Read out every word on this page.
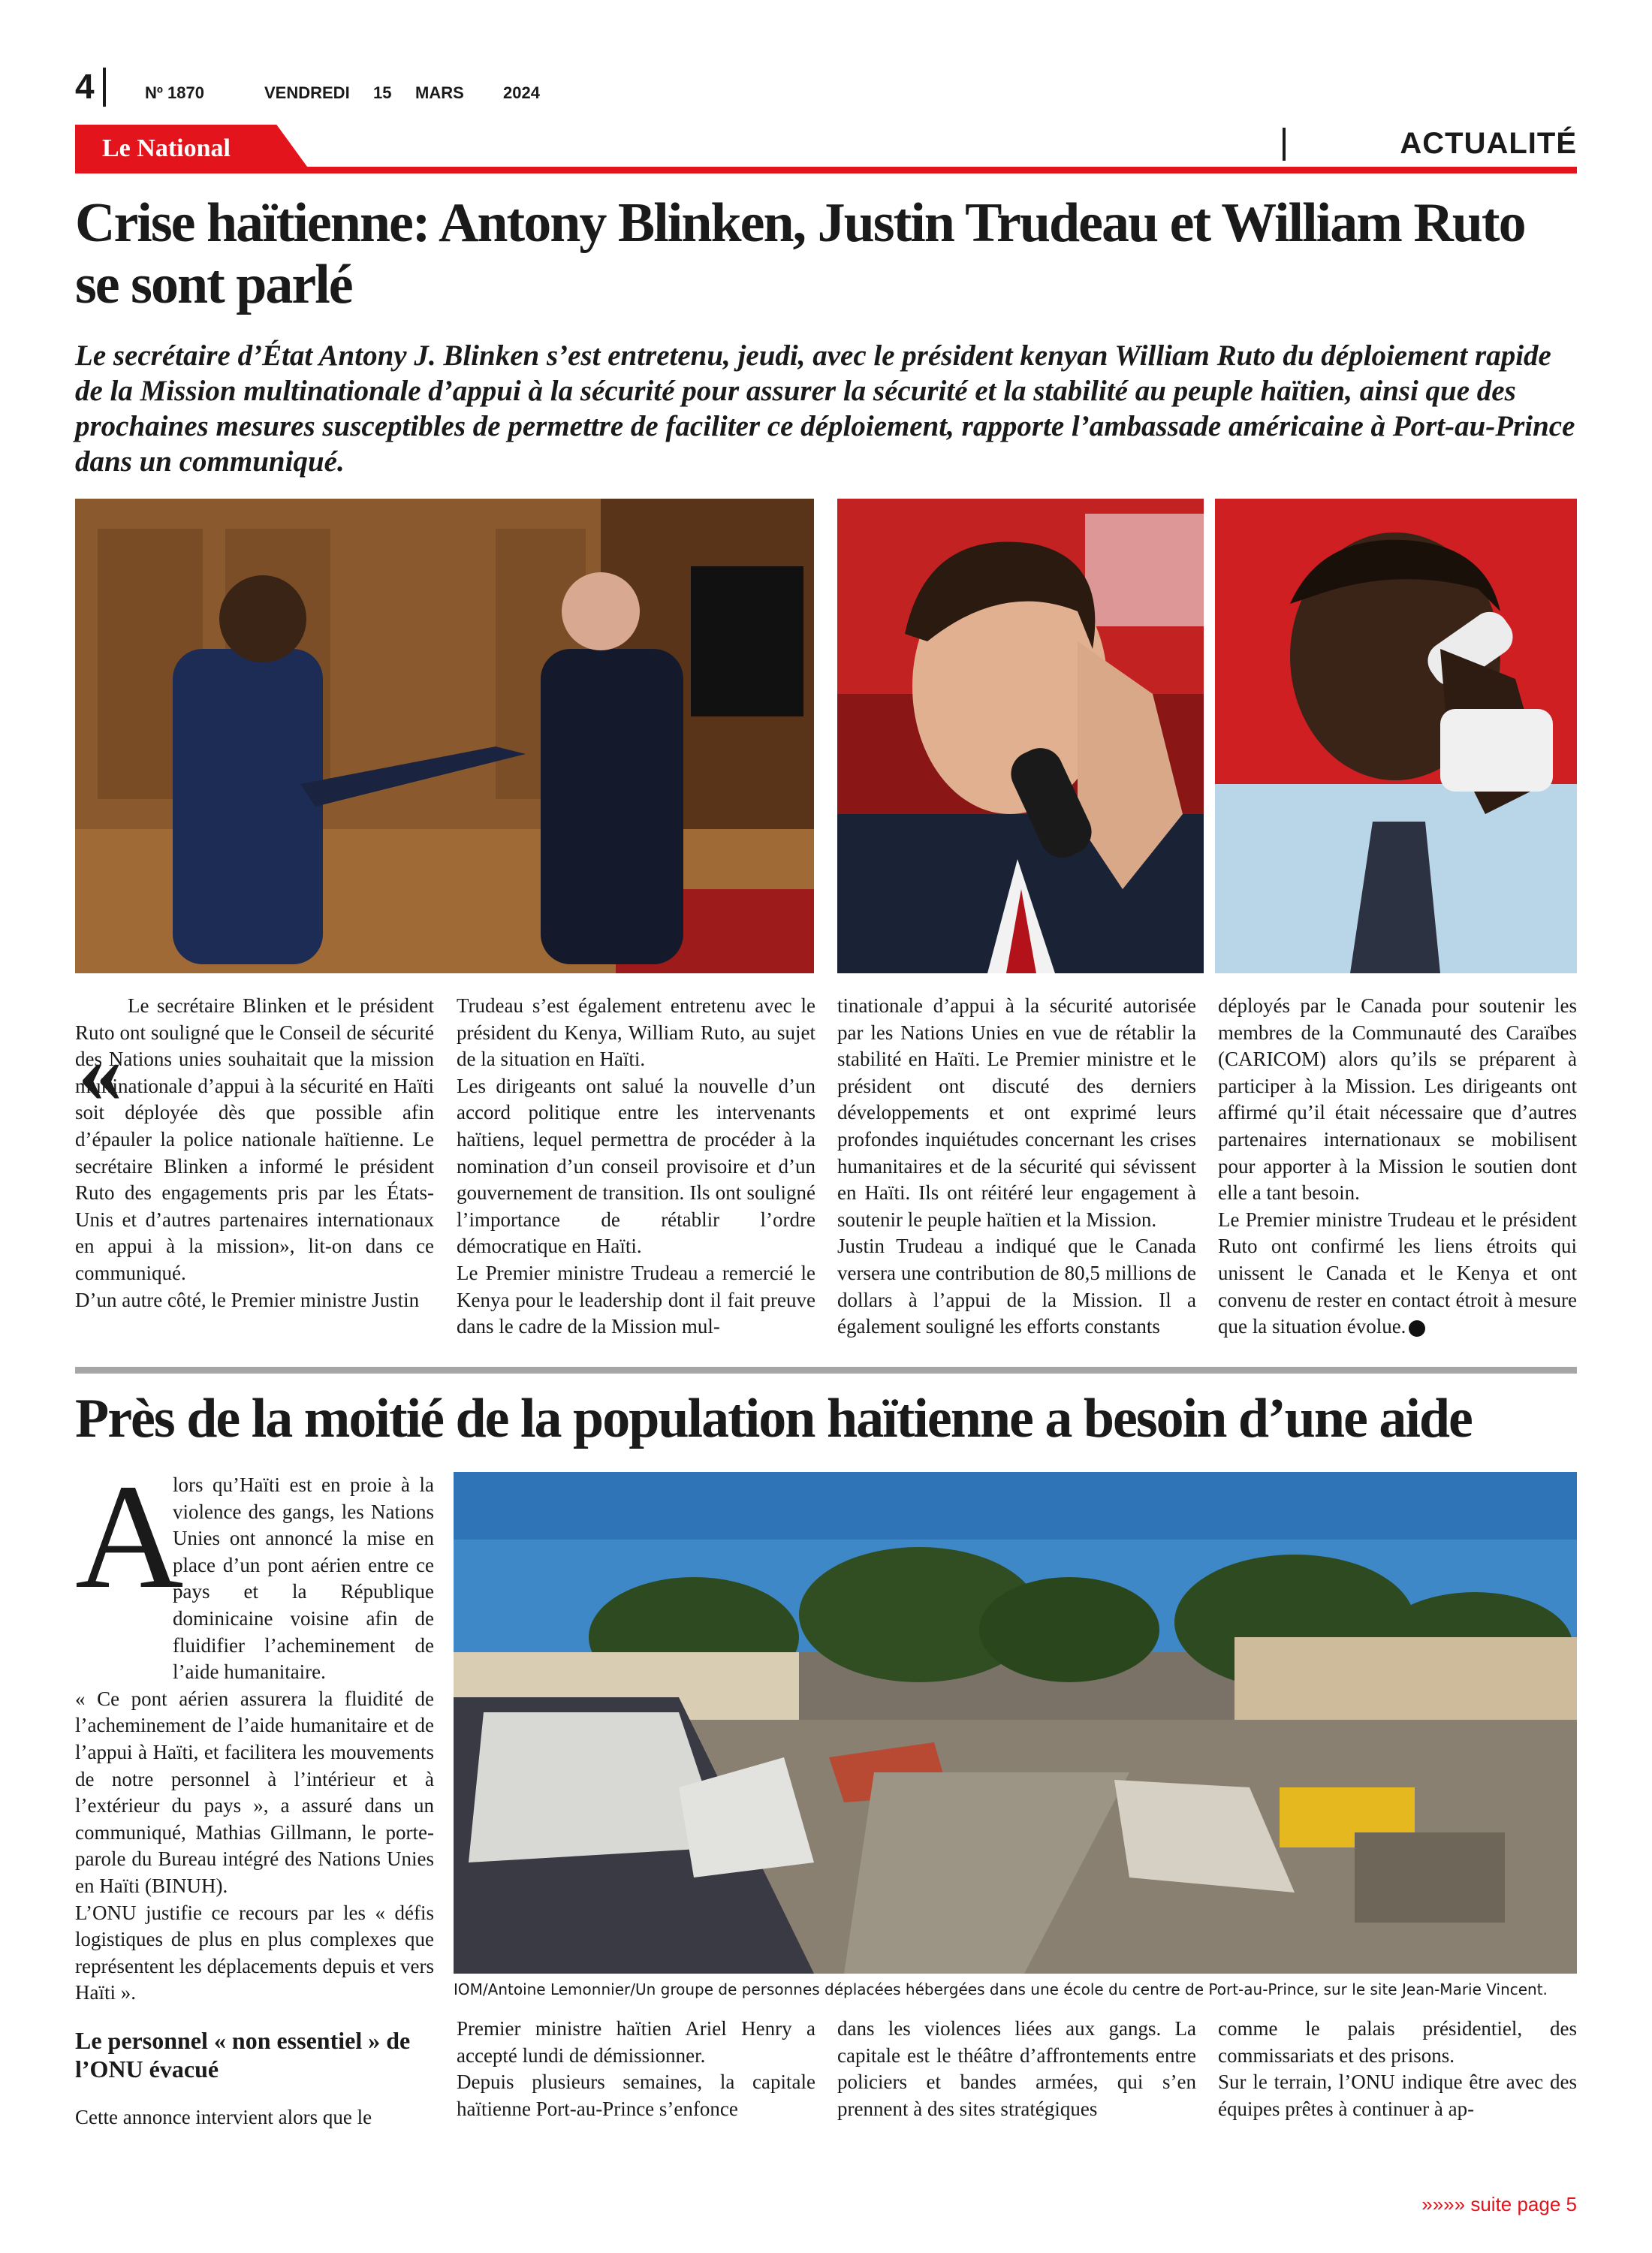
4	Nº 1870	VENDREDI 15 MARS 2024
Le National	ACTUALITÉ
Crise haïtienne: Antony Blinken, Justin Trudeau et William Ruto se sont parlé
Le secrétaire d’État Antony J. Blinken s’est entretenu, jeudi, avec le président kenyan William Ruto du déploiement rapide de la Mission multinationale d’appui à la sécurité pour assurer la sécurité et la stabilité au peuple haïtien, ainsi que des prochaines mesures susceptibles de permettre de faciliter ce déploiement, rapporte l’ambassade américaine à Port-au-Prince dans un communiqué.
«

Le secrétaire Blinken et le président Ruto ont souligné que le Conseil de sécurité des Nations unies souhaitait que la mission multinationale d’appui à la sécurité en Haïti soit déployée dès que possible afin d’épauler la police nationale haïtienne. Le secrétaire Blinken a informé le président Ruto des engagements pris par les États-Unis et d’autres partenaires internationaux en appui à la mission», lit-on dans ce communiqué.

D’un autre côté, le Premier ministre Justin

Trudeau s’est également entretenu avec le président du Kenya, William Ruto, au sujet de la situation en Haïti.

Les dirigeants ont salué la nouvelle d’un accord politique entre les intervenants haïtiens, lequel permettra de procéder à la nomination d’un conseil provisoire et d’un gouvernement de transition. Ils ont souligné l’importance de rétablir l’ordre démocratique en Haïti.

Le Premier ministre Trudeau a remercié le Kenya pour le leadership dont il fait preuve dans le cadre de la Mission mul-

tinationale d’appui à la sécurité autorisée par les Nations Unies en vue de rétablir la stabilité en Haïti. Le Premier ministre et le président ont discuté des derniers développements et ont exprimé leurs profondes inquiétudes concernant les crises humanitaires et de la sécurité qui sévissent en Haïti. Ils ont réitéré leur engagement à soutenir le peuple haïtien et la Mission.

Justin Trudeau a indiqué que le Canada versera une contribution de 80,5 millions de dollars à l’appui de la Mission. Il a également souligné les efforts constants

déployés par le Canada pour soutenir les membres de la Communauté des Caraïbes (CARICOM) alors qu’ils se préparent à participer à la Mission. Les dirigeants ont affirmé qu’il était nécessaire que d’autres partenaires internationaux se mobilisent pour apporter à la Mission le soutien dont elle a tant besoin.

Le Premier ministre Trudeau et le président Ruto ont confirmé les liens étroits qui unissent le Canada et le Kenya et ont convenu de rester en contact étroit à mesure que la situation évolue.

Près de la moitié de la population haïtienne a besoin d’une aide
A

lors qu’Haïti est en proie à la violence des gangs, les Nations Unies ont annoncé la mise en place d’un pont aérien entre ce pays et la République dominicaine voisine afin de fluidifier l’acheminement de l’aide humanitaire.

« Ce pont aérien assurera la fluidité de l’acheminement de l’aide humanitaire et de l’appui à Haïti, et facilitera les mouvements de notre personnel à l’intérieur et à l’extérieur du pays », a assuré dans un communiqué, Mathias Gillmann, le porte-parole du Bureau intégré des Nations Unies en Haïti (BINUH).

L’ONU justifie ce recours par les « défis logistiques de plus en plus complexes que représentent les déplacements depuis et vers Haïti ».

Le personnel « non essentiel » de l’ONU évacué

Cette annonce intervient alors que le

IOM/Antoine Lemonnier/Un groupe de personnes déplacées hébergées dans une école du centre de Port-au-Prince, sur le site Jean-Marie Vincent.

Premier ministre haïtien Ariel Henry a accepté lundi de démissionner.

Depuis plusieurs semaines, la capitale haïtienne Port-au-Prince s’enfonce

dans les violences liées aux gangs. La capitale est le théâtre d’affrontements entre policiers et bandes armées, qui s’en prennent à des sites stratégiques

comme le palais présidentiel, des commissariats et des prisons.

Sur le terrain, l’ONU indique être avec des équipes prêtes à continuer à ap-

»»»» suite page 5
